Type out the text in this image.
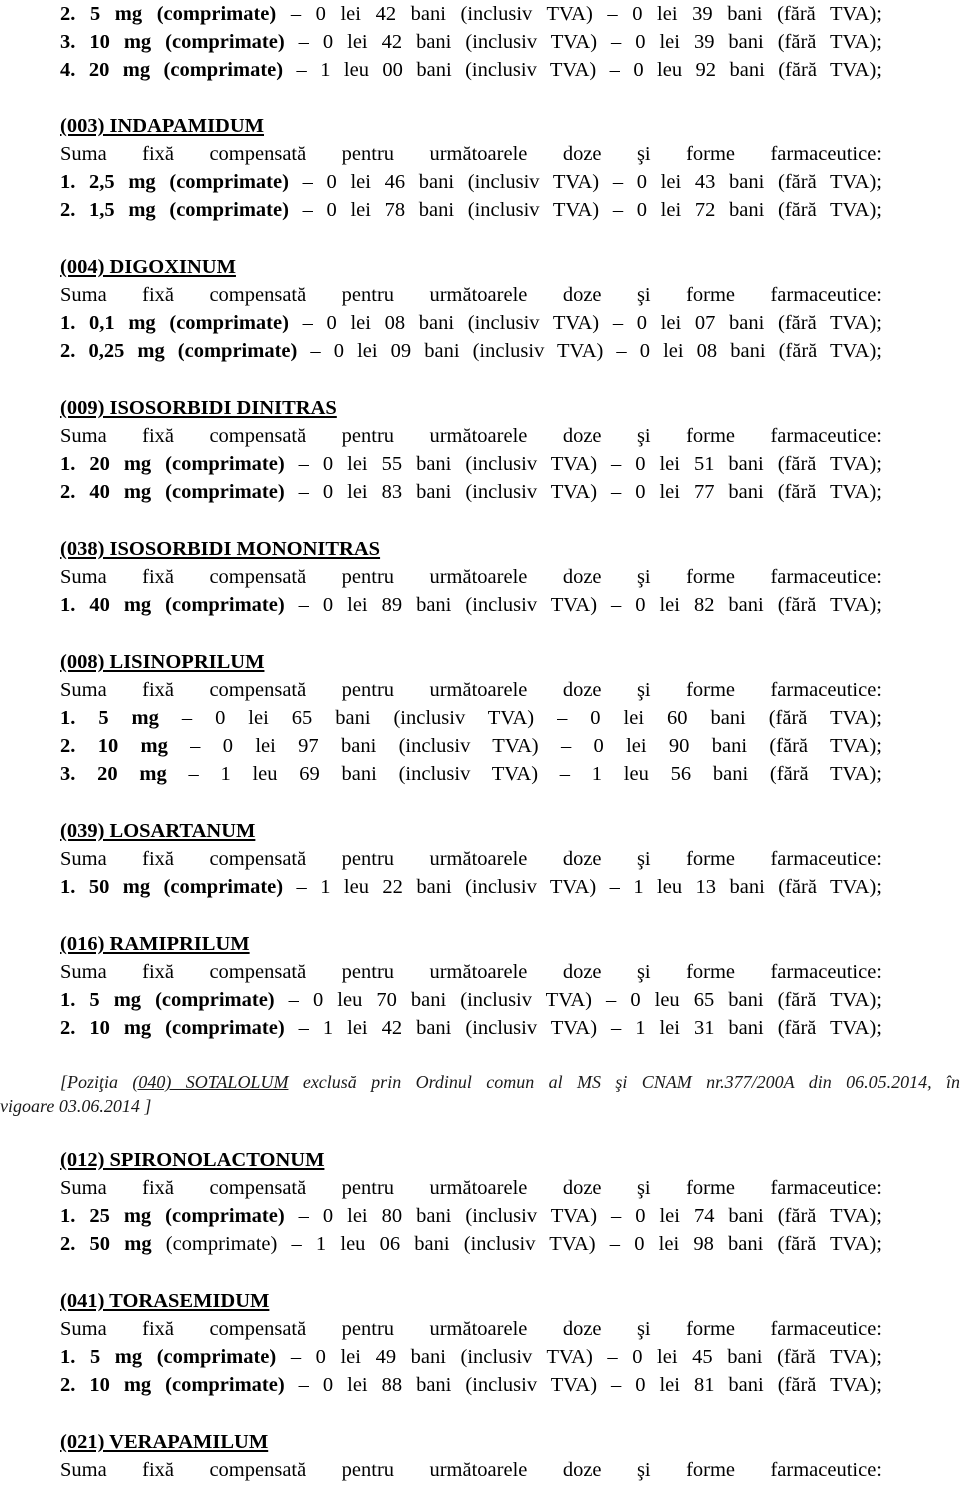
2. 5 mg (comprimate) – 0 lei 42 bani (inclusiv TVA) – 0 lei 39 bani (fără TVA);
3. 10 mg (comprimate) – 0 lei 42 bani (inclusiv TVA) – 0 lei 39 bani (fără TVA);
4. 20 mg (comprimate) – 1 leu 00 bani (inclusiv TVA) – 0 leu 92 bani (fără TVA);
(003) INDAPAMIDUM
Suma fixă compensată pentru următoarele doze şi forme farmaceutice:
1. 2,5 mg (comprimate) – 0 lei 46 bani (inclusiv TVA) – 0 lei 43 bani (fără TVA);
2. 1,5 mg (comprimate) – 0 lei 78 bani (inclusiv TVA) – 0 lei 72 bani (fără TVA);
(004) DIGOXINUM
Suma fixă compensată pentru următoarele doze şi forme farmaceutice:
1. 0,1 mg (comprimate) – 0 lei 08 bani (inclusiv TVA) – 0 lei 07 bani (fără TVA);
2. 0,25 mg (comprimate) – 0 lei 09 bani (inclusiv TVA) – 0 lei 08 bani (fără TVA);
(009) ISOSORBIDI DINITRAS
Suma fixă compensată pentru următoarele doze şi forme farmaceutice:
1. 20 mg (comprimate) – 0 lei 55 bani (inclusiv TVA) – 0 lei 51 bani (fără TVA);
2. 40 mg (comprimate) – 0 lei 83 bani (inclusiv TVA) – 0 lei 77 bani (fără TVA);
(038) ISOSORBIDI MONONITRAS
Suma fixă compensată pentru următoarele doze şi forme farmaceutice:
1. 40 mg (comprimate) – 0 lei 89 bani (inclusiv TVA) – 0 lei 82 bani (fără TVA);
(008) LISINOPRILUM
Suma fixă compensată pentru următoarele doze şi forme farmaceutice:
1. 5 mg – 0 lei 65 bani (inclusiv TVA) – 0 lei 60 bani (fără TVA);
2. 10 mg – 0 lei 97 bani (inclusiv TVA) – 0 lei 90 bani (fără TVA);
3. 20 mg – 1 leu 69 bani (inclusiv TVA) – 1 leu 56 bani (fără TVA);
(039) LOSARTANUM
Suma fixă compensată pentru următoarele doze şi forme farmaceutice:
1. 50 mg (comprimate) – 1 leu 22 bani (inclusiv TVA) – 1 leu 13 bani (fără TVA);
(016) RAMIPRILUM
Suma fixă compensată pentru următoarele doze şi forme farmaceutice:
1. 5 mg (comprimate) – 0 leu 70 bani (inclusiv TVA) – 0 leu 65 bani (fără TVA);
2. 10 mg (comprimate) – 1 lei 42 bani (inclusiv TVA) – 1 lei 31 bani (fără TVA);
(012) SPIRONOLACTONUM
Suma fixă compensată pentru următoarele doze şi forme farmaceutice:
1. 25 mg (comprimate) – 0 lei 80 bani (inclusiv TVA) – 0 lei 74 bani (fără TVA);
2. 50 mg (comprimate) – 1 leu 06 bani (inclusiv TVA) – 0 lei 98 bani (fără TVA);
(041) TORASEMIDUM
Suma fixă compensată pentru următoarele doze şi forme farmaceutice:
1. 5 mg (comprimate) – 0 lei 49 bani (inclusiv TVA) – 0 lei 45 bani (fără TVA);
2. 10 mg (comprimate) – 0 lei 88 bani (inclusiv TVA) – 0 lei 81 bani (fără TVA);
(021) VERAPAMILUM
Suma fixă compensată pentru următoarele doze şi forme farmaceutice:
[Poziţia (040) SOTALOLUM exclusă prin Ordinul comun al MS şi CNAM nr.377/200A din 06.05.2014, în
vigoare 03.06.2014 ]
